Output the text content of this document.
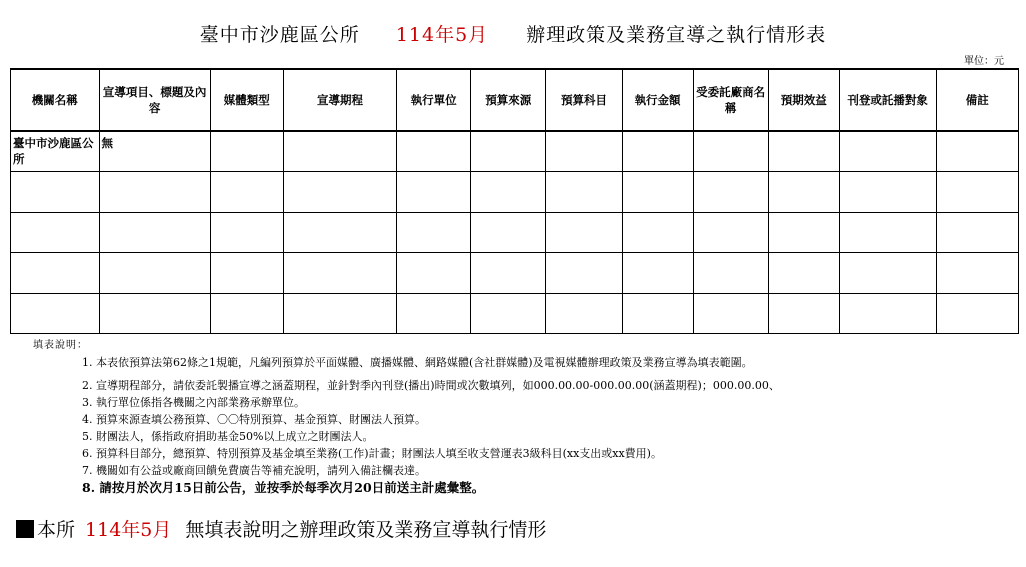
臺中市沙鹿區公所 114年5月 辦理政策及業務宣導之執行情形表
單位：元
機關名稱	宣導項目、標題及內容	媒體類型	宣導期程	執行單位	預算來源	預算科目	執行金額	受委託廠商名稱	預期效益	刊登或託播對象	備註
臺中市沙鹿區公所	無										

填表說明：
1. 本表依預算法第62條之1規範，凡編列預算於平面媒體、廣播媒體、網路媒體(含社群媒體)及電視媒體辦理政策及業務宣導為填表範圍。
2. 宣導期程部分，請依委託製播宣導之涵蓋期程，並針對季內刊登(播出)時間或次數填列，如000.00.00-000.00.00(涵蓋期程)；000.00.00、
3. 執行單位係指各機關之內部業務承辦單位。
4. 預算來源查填公務預算、〇〇特別預算、基金預算、財團法人預算。
5. 財團法人，係指政府捐助基金50%以上成立之財團法人。
6. 預算科目部分，總預算、特別預算及基金填至業務(工作)計畫；財團法人填至收支營運表3級科目(xx支出或xx費用)。
7. 機關如有公益或廠商回饋免費廣告等補充說明，請列入備註欄表達。
8. 請按月於次月15日前公告，並按季於每季次月20日前送主計處彙整。
本所 114年5月 無填表說明之辦理政策及業務宣導執行情形
